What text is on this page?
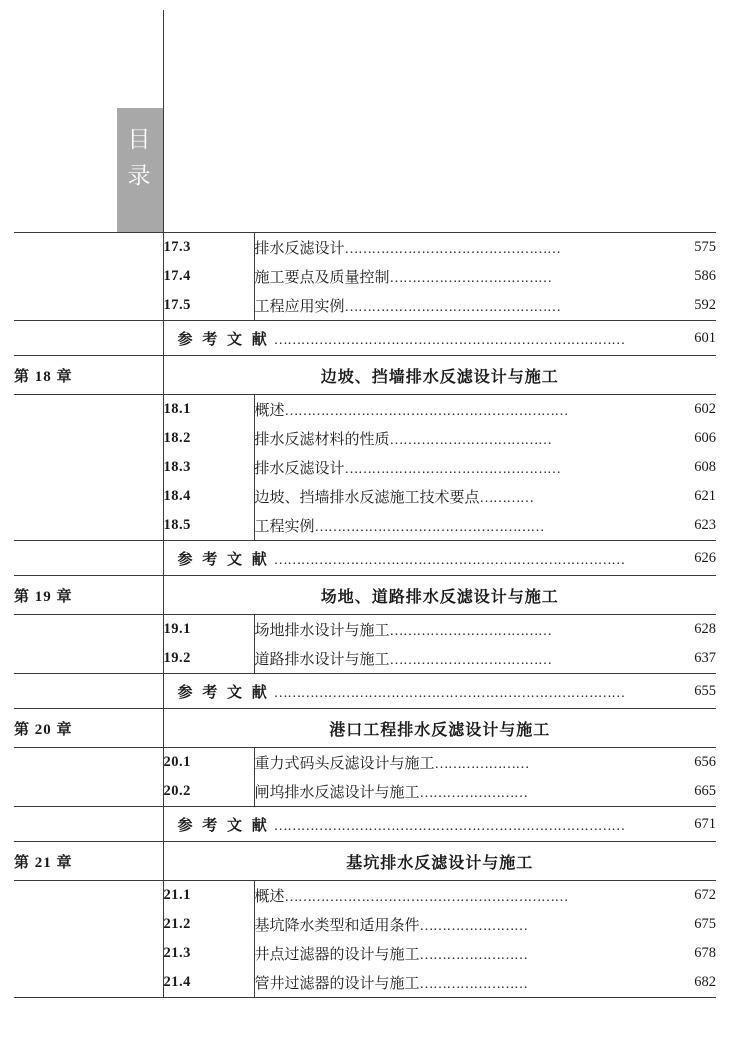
目
录

	17.3	排水反滤设计…………………………………………	575
	17.4	施工要点及质量控制………………………………	586
	17.5	工程应用实例…………………………………………	592

	参 考 文 献 ……………………………………………………………………		601

第 18 章	边坡、挡墙排水反滤设计与施工		

	18.1	概述………………………………………………………	602
	18.2	排水反滤材料的性质………………………………	606
	18.3	排水反滤设计…………………………………………	608
	18.4	边坡、挡墙排水反滤施工技术要点…………	621
	18.5	工程实例……………………………………………	623

	参 考 文 献 ……………………………………………………………………		626

第 19 章	场地、道路排水反滤设计与施工		

	19.1	场地排水设计与施工………………………………	628
	19.2	道路排水设计与施工………………………………	637

	参 考 文 献 ……………………………………………………………………		655

第 20 章	港口工程排水反滤设计与施工		

	20.1	重力式码头反滤设计与施工…………………	656
	20.2	闸坞排水反滤设计与施工……………………	665

	参 考 文 献 ……………………………………………………………………		671

第 21 章	基坑排水反滤设计与施工		

	21.1	概述………………………………………………………	672
	21.2	基坑降水类型和适用条件……………………	675
	21.3	井点过滤器的设计与施工……………………	678
	21.4	管井过滤器的设计与施工……………………	682
